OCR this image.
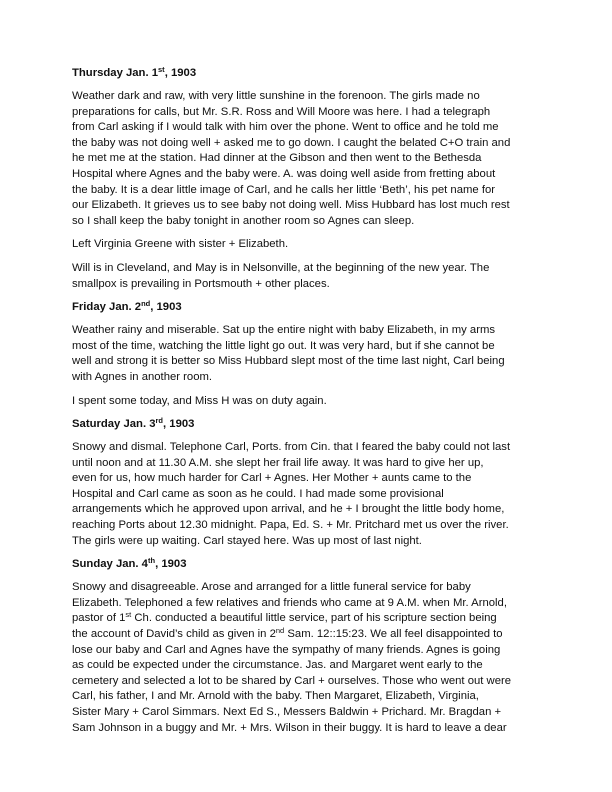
Thursday Jan. 1st, 1903
Weather dark and raw, with very little sunshine in the forenoon. The girls made no
preparations for calls, but Mr. S.R. Ross and Will Moore was here. I had a telegraph
from Carl asking if I would talk with him over the phone. Went to office and he told me
the baby was not doing well + asked me to go down. I caught the belated C+O train and
he met me at the station. Had dinner at the Gibson and then went to the Bethesda
Hospital where Agnes and the baby were. A. was doing well aside from fretting about
the baby. It is a dear little image of Carl, and he calls her little ‘Beth’, his pet name for
our Elizabeth. It grieves us to see baby not doing well. Miss Hubbard has lost much rest
so I shall keep the baby tonight in another room so Agnes can sleep.
Left Virginia Greene with sister + Elizabeth.
Will is in Cleveland, and May is in Nelsonville, at the beginning of the new year. The
smallpox is prevailing in Portsmouth + other places.
Friday Jan. 2nd, 1903
Weather rainy and miserable. Sat up the entire night with baby Elizabeth, in my arms
most of the time, watching the little light go out. It was very hard, but if she cannot be
well and strong it is better so Miss Hubbard slept most of the time last night, Carl being
with Agnes in another room.
I spent some today, and Miss H was on duty again.
Saturday Jan. 3rd, 1903
Snowy and dismal. Telephone Carl, Ports. from Cin. that I feared the baby could not last
until noon and at 11.30 A.M. she slept her frail life away. It was hard to give her up,
even for us, how much harder for Carl + Agnes. Her Mother + aunts came to the
Hospital and Carl came as soon as he could. I had made some provisional
arrangements which he approved upon arrival, and he + I brought the little body home,
reaching Ports about 12.30 midnight. Papa, Ed. S. + Mr. Pritchard met us over the river.
The girls were up waiting. Carl stayed here. Was up most of last night.
Sunday Jan. 4th, 1903
Snowy and disagreeable. Arose and arranged for a little funeral service for baby
Elizabeth. Telephoned a few relatives and friends who came at 9 A.M. when Mr. Arnold,
pastor of 1st Ch. conducted a beautiful little service, part of his scripture section being
the account of David’s child as given in 2nd Sam. 12::15:23. We all feel disappointed to
lose our baby and Carl and Agnes have the sympathy of many friends. Agnes is going
as could be expected under the circumstance. Jas. and Margaret went early to the
cemetery and selected a lot to be shared by Carl + ourselves. Those who went out were
Carl, his father, I and Mr. Arnold with the baby. Then Margaret, Elizabeth, Virginia,
Sister Mary + Carol Simmars. Next Ed S., Messers Baldwin + Prichard. Mr. Bragdan +
Sam Johnson in a buggy and Mr. + Mrs. Wilson in their buggy. It is hard to leave a dear
